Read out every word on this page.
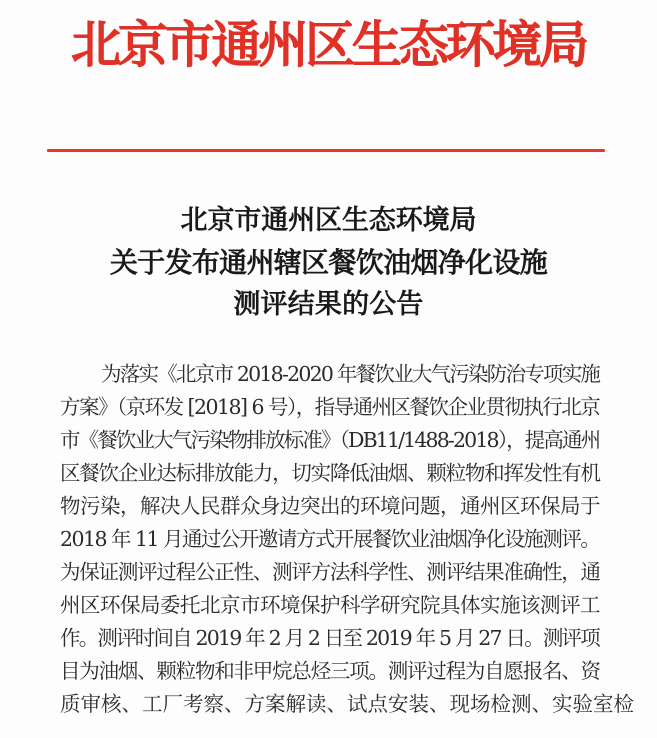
北京市通州区生态环境局
北京市通州区生态环境局
关于发布通州辖区餐饮油烟净化设施
测评结果的公告
为落实《北京市 2018-2020 年餐饮业大气污染防治专项实施
方案》（京环发 [2018] 6 号），指导通州区餐饮企业贯彻执行北京
市《餐饮业大气污染物排放标准》（DB11/1488-2018），提高通州
区餐饮企业达标排放能力，切实降低油烟、颗粒物和挥发性有机
物污染，解决人民群众身边突出的环境问题，通州区环保局于
2018 年 11 月通过公开邀请方式开展餐饮业油烟净化设施测评。
为保证测评过程公正性、测评方法科学性、测评结果准确性，通
州区环保局委托北京市环境保护科学研究院具体实施该测评工
作。测评时间自 2019 年 2 月 2 日至 2019 年 5 月 27 日。测评项
目为油烟、颗粒物和非甲烷总烃三项。测评过程为自愿报名、资
质审核、工厂考察、方案解读、试点安装、现场检测、实验室检
